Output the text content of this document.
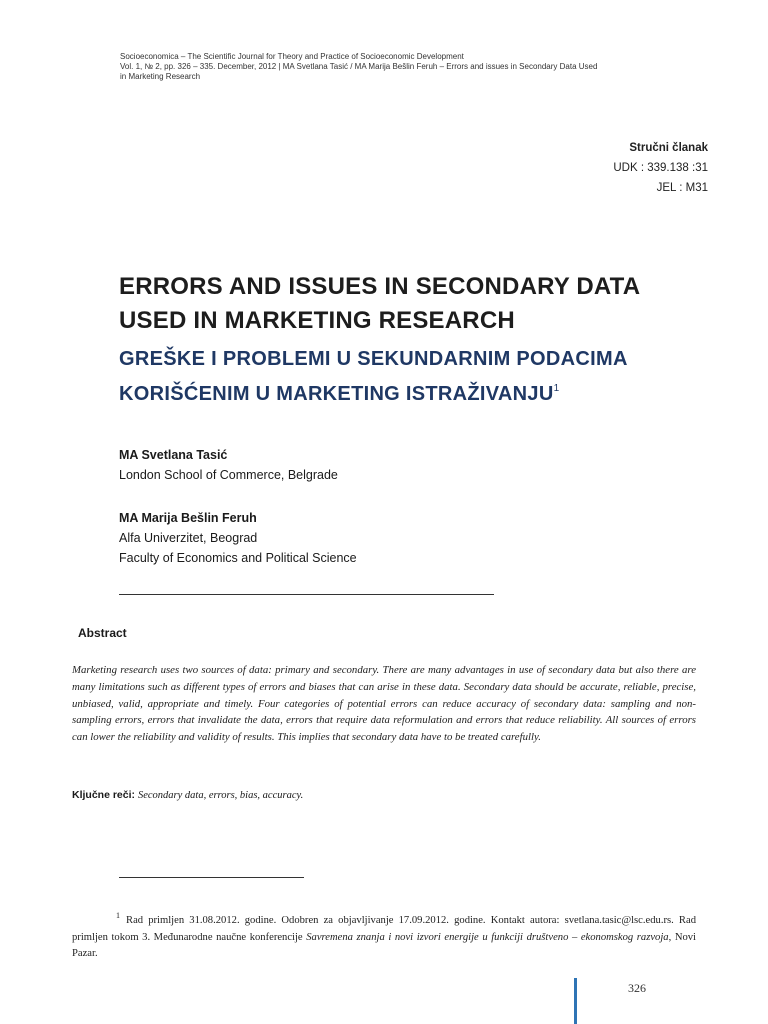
Socioeconomica – The Scientific Journal for Theory and Practice of Socioeconomic Development
Vol. 1, № 2, pp. 326 – 335. December, 2012 | MA Svetlana Tasić / MA Marija Bešlin Feruh – Errors and issues in Secondary Data Used
in Marketing Research
Stručni članak
UDK : 339.138 :31
JEL : M31
ERRORS AND ISSUES IN SECONDARY DATA
USED IN MARKETING RESEARCH
GREŠKE I PROBLEMI U SEKUNDARNIM PODACIMA
KORIŠĆENIM U MARKETING ISTRAŽIVANJU$^1$
MA Svetlana Tasić
London School of Commerce, Belgrade
MA Marija Bešlin Feruh
Alfa Univerzitet, Beograd
Faculty of Economics and Political Science
Abstract
Marketing research uses two sources of data: primary and secondary. There are many advantages in use of secondary data but also there are many limitations such as different types of errors and biases that can arise in these data. Secondary data should be accurate, reliable, precise, unbiased, valid, appropriate and timely. Four categories of potential errors can reduce accuracy of secondary data: sampling and non-sampling errors, errors that invalidate the data, errors that require data reformulation and errors that reduce reliability. All sources of errors can lower the reliability and validity of results. This implies that secondary data have to be treated carefully.
Ključne reči: Secondary data, errors, bias, accuracy.
$^1$ Rad primljen 31.08.2012. godine. Odobren za objavljivanje 17.09.2012. godine. Kontakt autora: svetlana.tasic@lsc.edu.rs. Rad primljen tokom 3. Međunarodne naučne konferencije Savremena znanja i novi izvori energije u funkciji društveno – ekonomskog razvoja, Novi Pazar.
326
